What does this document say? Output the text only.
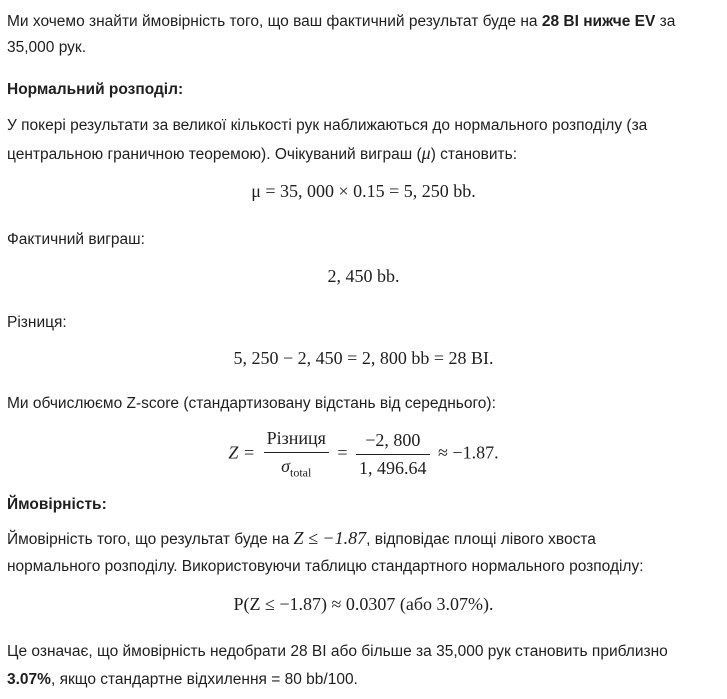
Ми хочемо знайти ймовірність того, що ваш фактичний результат буде на 28 BI нижче EV за
35,000 рук.
Нормальний розподіл:
У покері результати за великої кількості рук наближаються до нормального розподілу (за
центральною граничною теоремою). Очікуваний виграш (μ) становить:
μ = 35, 000 × 0.15 = 5, 250 bb.
Фактичний виграш:
2, 450 bb.
Різниця:
5, 250 − 2, 450 = 2, 800 bb = 28 BI.
Ми обчислюємо Z-score (стандартизовану відстань від середнього):
$Z = \frac{\text{Різниця}}{\sigma_{total}} = \frac{-2, 800}{1, 496.64} \approx -1.87$.
Ймовірність:
Ймовірність того, що результат буде на Z ≤ −1.87, відповідає площі лівого хвоста
нормального розподілу. Використовуючи таблицю стандартного нормального розподілу:
P(Z ≤ −1.87) ≈ 0.0307 (або 3.07%).
Це означає, що ймовірність недобрати 28 BI або більше за 35,000 рук становить приблизно
3.07%, якщо стандартне відхилення = 80 bb/100.
